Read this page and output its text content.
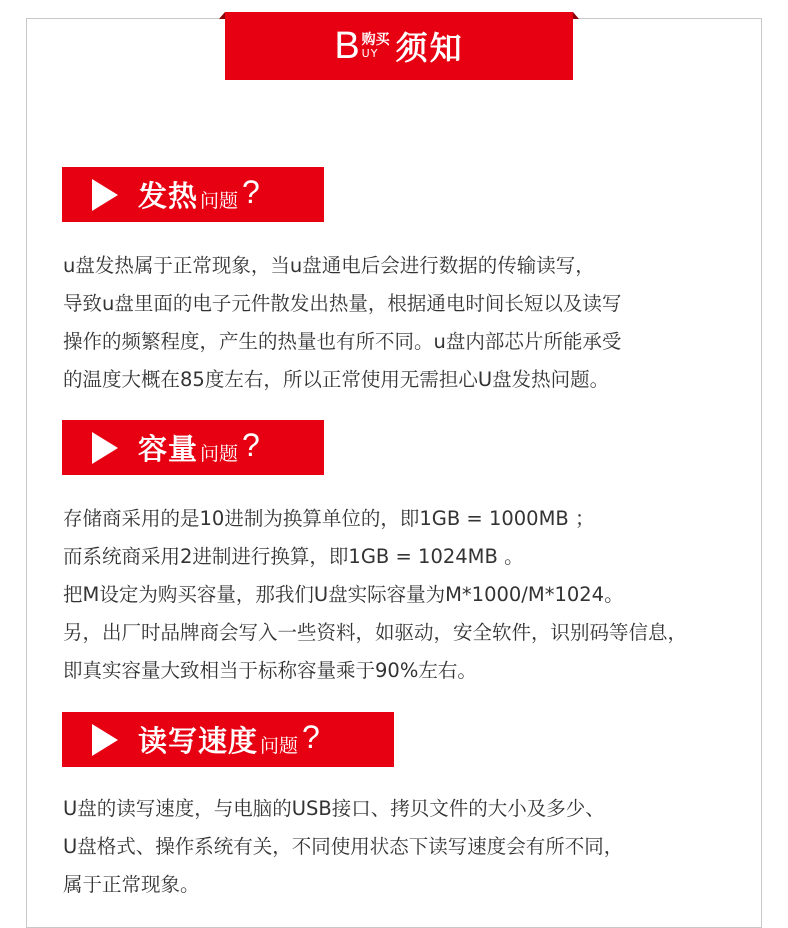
B 购买
UY 须知
发热 问题 ?
u盘发热属于正常现象，当u盘通电后会进行数据的传输读写，
导致u盘里面的电子元件散发出热量，根据通电时间长短以及读写
操作的频繁程度，产生的热量也有所不同。u盘内部芯片所能承受
的温度大概在85度左右，所以正常使用无需担心U盘发热问题。
容量 问题 ?
存储商采用的是10进制为换算单位的，即1GB = 1000MB ；
而系统商采用2进制进行换算，即1GB = 1024MB 。
把M设定为购买容量，那我们U盘实际容量为M*1000/M*1024。
另，出厂时品牌商会写入一些资料，如驱动，安全软件，识别码等信息，
即真实容量大致相当于标称容量乘于90%左右。
读写速度 问题 ?
U盘的读写速度，与电脑的USB接口、拷贝文件的大小及多少、
U盘格式、操作系统有关，不同使用状态下读写速度会有所不同，
属于正常现象。
